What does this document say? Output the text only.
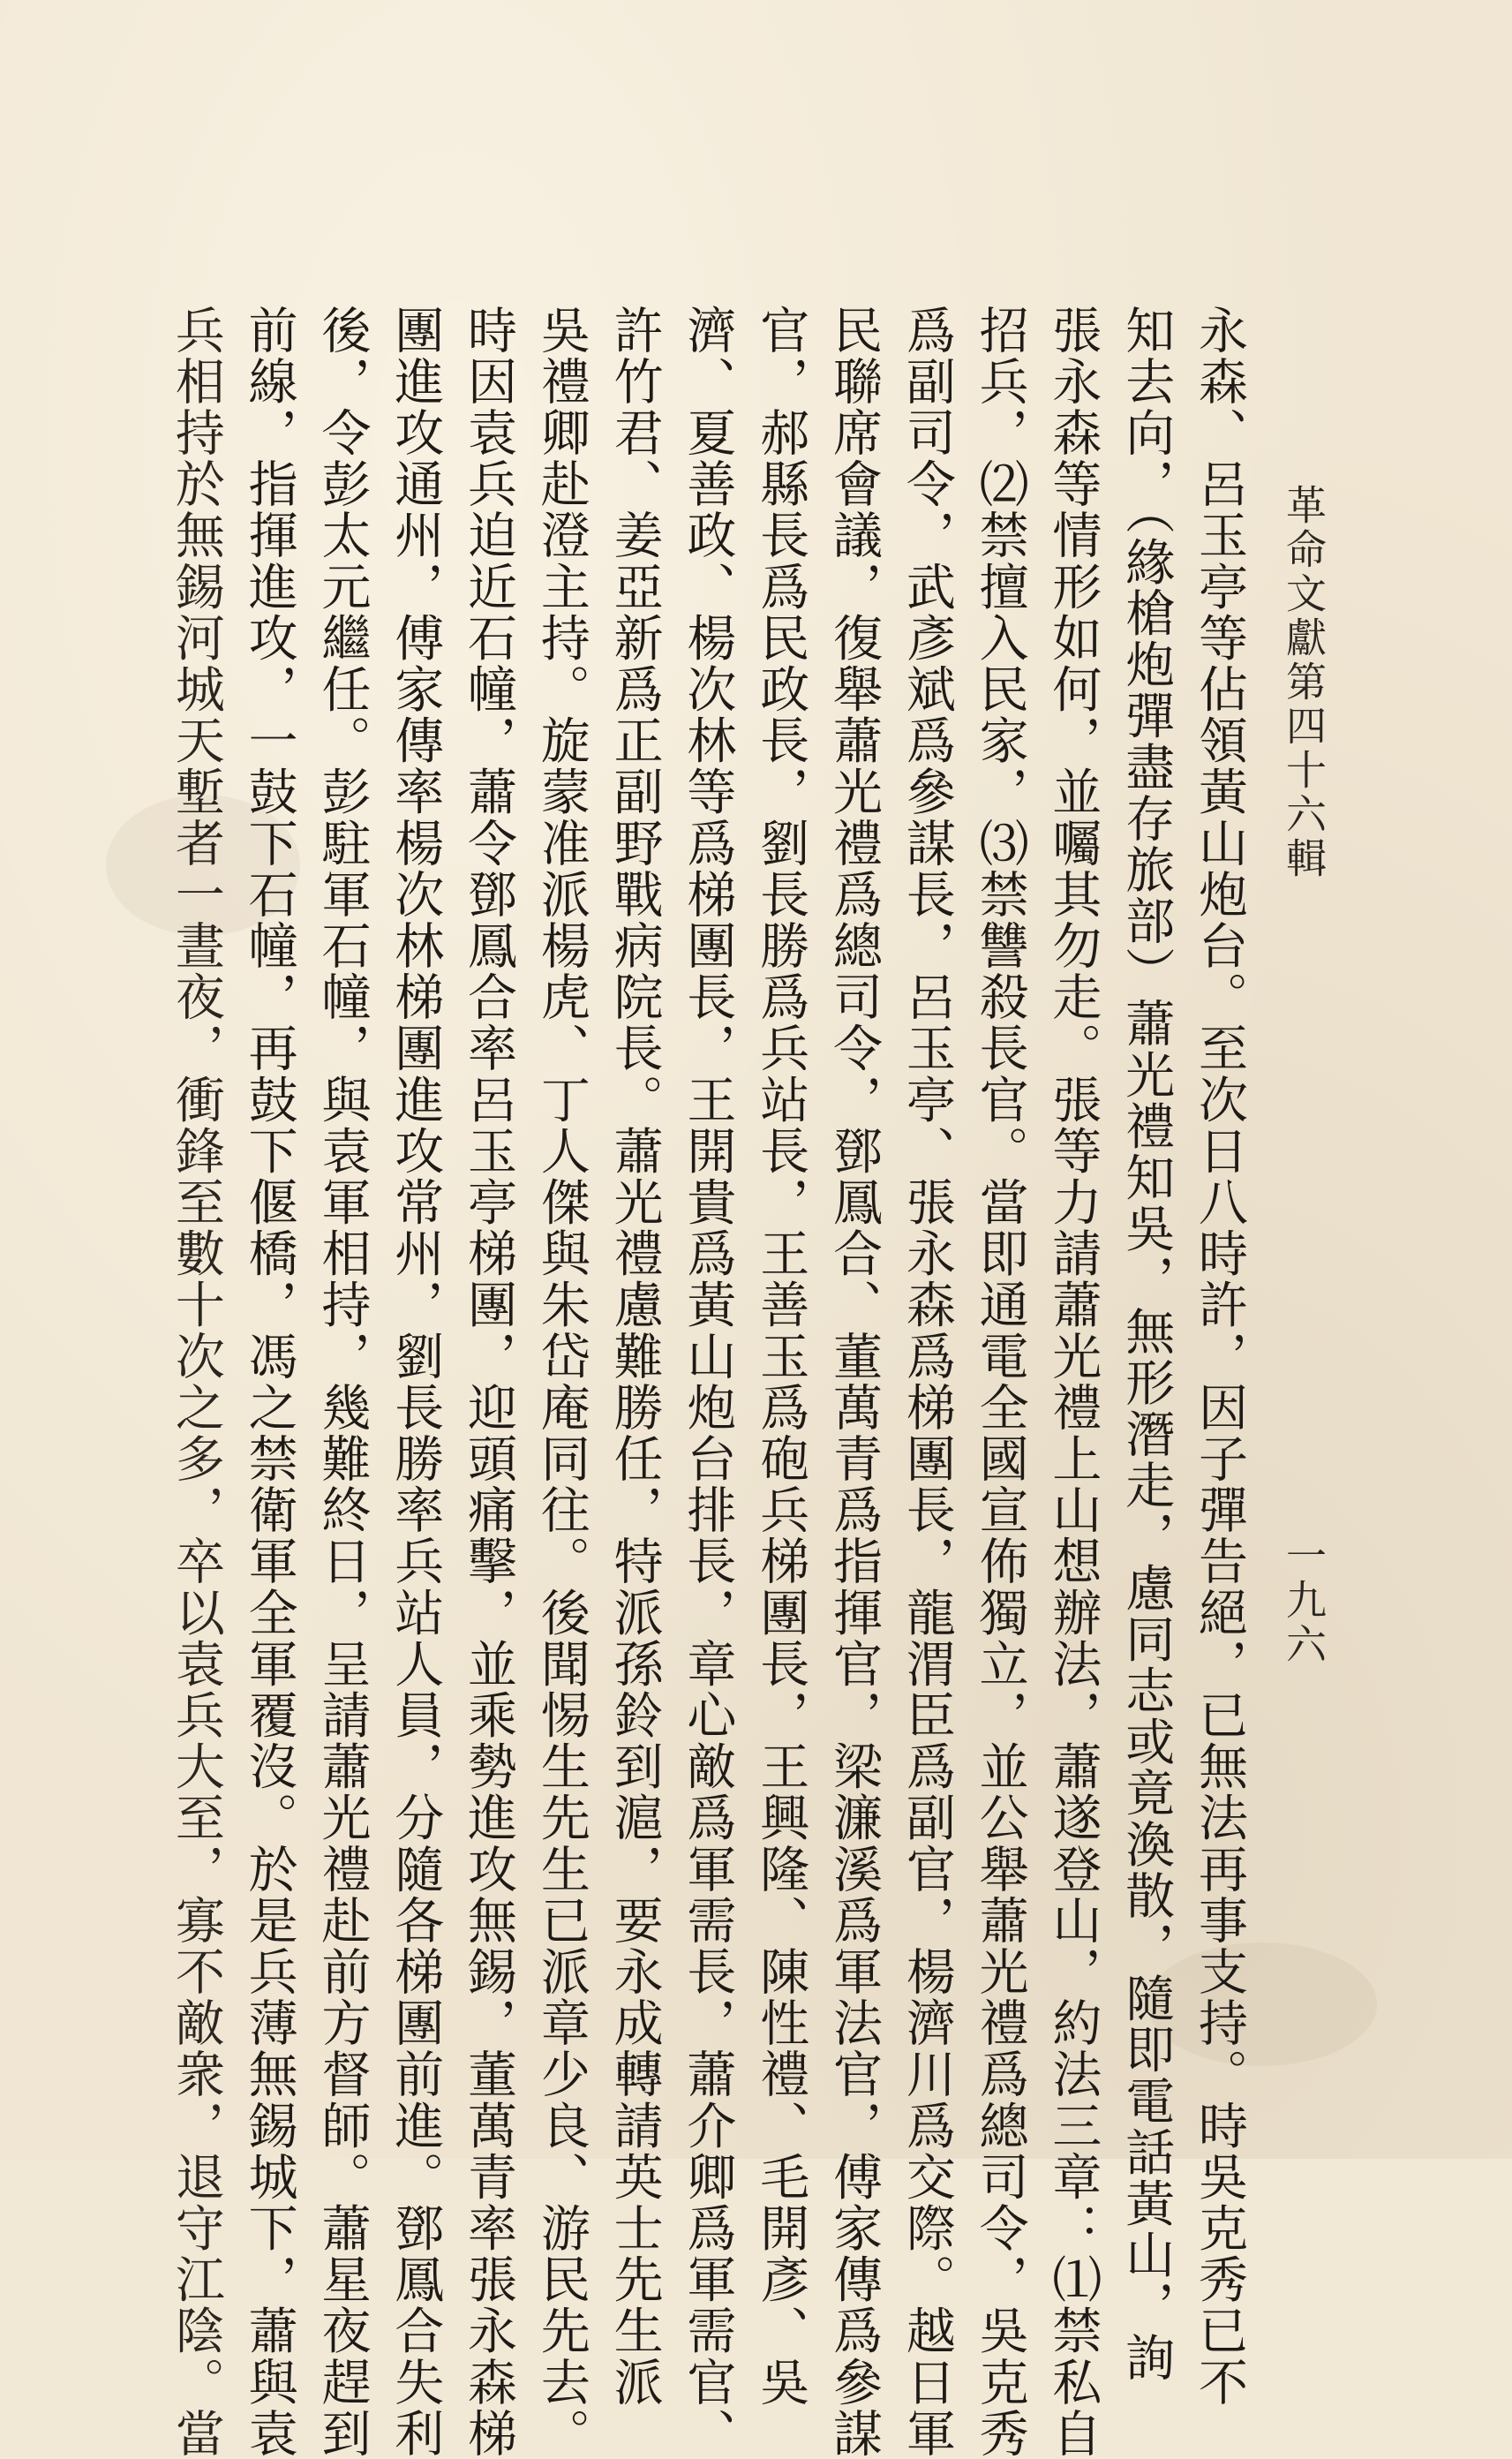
革命文獻第四十六輯
一九六
永森、呂玉亭等佔領黃山炮台。至次日八時許，因子彈告絕，已無法再事支持。時吳克秀已不
知去向，（緣槍炮彈盡存旅部）蕭光禮知吳，無形潛走，慮同志或竟渙散，隨即電話黃山，詢
張永森等情形如何，並囑其勿走。張等力請蕭光禮上山想辦法，蕭遂登山，約法三章：⑴禁私自
招兵，⑵禁擅入民家，⑶禁讐殺長官。當即通電全國宣佈獨立，並公舉蕭光禮爲總司令，吳克秀
爲副司令，武彥斌爲參謀長，呂玉亭、張永森爲梯團長，龍渭臣爲副官，楊濟川爲交際。越日軍
民聯席會議，復舉蕭光禮爲總司令，鄧鳳合、董萬青爲指揮官，梁濂溪爲軍法官，傅家傳爲參謀
官，郝縣長爲民政長，劉長勝爲兵站長，王善玉爲砲兵梯團長，王興隆、陳性禮、毛開彥、吳
濟、夏善政、楊次林等爲梯團長，王開貴爲黃山炮台排長，章心敵爲軍需長，蕭介卿爲軍需官、
許竹君、姜亞新爲正副野戰病院長。蕭光禮慮難勝任，特派孫鈴到滬，要永成轉請英士先生派
吳禮卿赴澄主持。旋蒙准派楊虎、丁人傑與朱岱庵同往。後聞惕生先生已派章少良、游民先去。
時因袁兵迫近石幢，蕭令鄧鳳合率呂玉亭梯團，迎頭痛擊，並乘勢進攻無錫，董萬青率張永森梯
團進攻通州，傅家傳率楊次林梯團進攻常州，劉長勝率兵站人員，分隨各梯團前進。鄧鳳合失利
後，令彭太元繼任。彭駐軍石幢，與袁軍相持，幾難終日，呈請蕭光禮赴前方督師。蕭星夜趕到
前線，指揮進攻，一鼓下石幢，再鼓下偃橋，馮之禁衛軍全軍覆沒。於是兵薄無錫城下，蕭與袁
兵相持於無錫河城天塹者一晝夜，衝鋒至數十次之多，卒以袁兵大至，寡不敵衆，退守江陰。當
